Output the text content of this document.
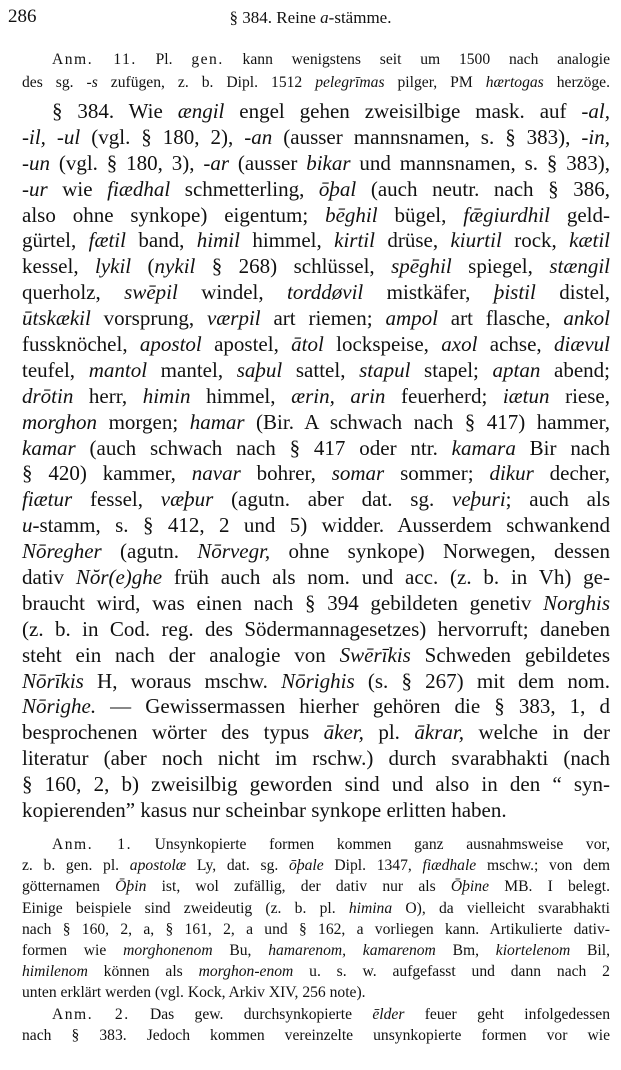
286	§ 384. Reine a-stämme.
Anm. 11. Pl. gen. kann wenigstens seit um 1500 nach analogie
des sg. -s zufügen, z. b. Dipl. 1512 pelegrīmas pilger, PM hærtogas herzöge.
§ 384. Wie ængil engel gehen zweisilbige mask. auf -al,
-il, -ul (vgl. § 180, 2), -an (ausser mannsnamen, s. § 383), -in,
-un (vgl. § 180, 3), -ar (ausser bikar und mannsnamen, s. § 383),
-ur wie fiædhal schmetterling, ōþal (auch neutr. nach § 386,
also ohne synkope) eigentum; bēghil bügel, fǣgiurdhil geld-
gürtel, fætil band, himil himmel, kirtil drüse, kiurtil rock, kætil
kessel, lykil (nykil § 268) schlüssel, spēghil spiegel, stængil
querholz, swēpil windel, torddøvil mistkäfer, þistil distel,
ūtskækil vorsprung, værpil art riemen; ampol art flasche, ankol
fussknöchel, apostol apostel, ātol lockspeise, axol achse, diævul
teufel, mantol mantel, saþul sattel, stapul stapel; aptan abend;
drōtin herr, himin himmel, ærin, arin feuerherd; iætun riese,
morghon morgen; hamar (Bir. A schwach nach § 417) hammer,
kamar (auch schwach nach § 417 oder ntr. kamara Bir nach
§ 420) kammer, navar bohrer, somar sommer; dikur decher,
fiætur fessel, væþur (agutn. aber dat. sg. veþuri; auch als
u-stamm, s. § 412, 2 und 5) widder. Ausserdem schwankend
Nōregher (agutn. Nōrvegr, ohne synkope) Norwegen, dessen
dativ Nŏr(e)ghe früh auch als nom. und acc. (z. b. in Vh) ge-
braucht wird, was einen nach § 394 gebildeten genetiv Norghis
(z. b. in Cod. reg. des Södermannagesetzes) hervorruft; daneben
steht ein nach der analogie von Swērīkis Schweden gebildetes
Nōrīkis H, woraus mschw. Nōrighis (s. § 267) mit dem nom.
Nōrighe. — Gewissermassen hierher gehören die § 383, 1, d
besprochenen wörter des typus āker, pl. ākrar, welche in der
literatur (aber noch nicht im rschw.) durch svarabhakti (nach
§ 160, 2, b) zweisilbig geworden sind und also in den “ syn-
kopierenden” kasus nur scheinbar synkope erlitten haben.
Anm. 1. Unsynkopierte formen kommen ganz ausnahmsweise vor,
z. b. gen. pl. apostolæ Ly, dat. sg. ōþale Dipl. 1347, fiædhale mschw.; von dem
götternamen Ōþin ist, wol zufällig, der dativ nur als Ōþine MB. I belegt.
Einige beispiele sind zweideutig (z. b. pl. himina O), da vielleicht svarabhakti
nach § 160, 2, a, § 161, 2, a und § 162, a vorliegen kann. Artikulierte dativ-
formen wie morghonenom Bu, hamarenom, kamarenom Bm, kiortelenom Bil,
himilenom können als morghon-enom u. s. w. aufgefasst und dann nach 2
unten erklärt werden (vgl. Kock, Arkiv XIV, 256 note).
Anm. 2. Das gew. durchsynkopierte ēlder feuer geht infolgedessen
nach § 383. Jedoch kommen vereinzelte unsynkopierte formen vor wie
